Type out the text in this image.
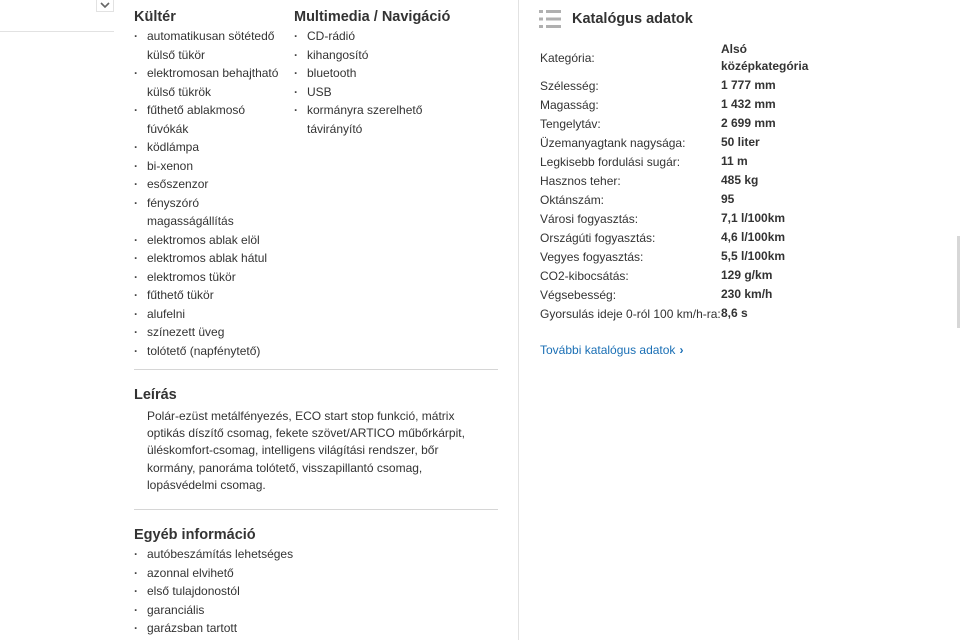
Kültér
· automatikusan sötétedő külső tükör
· elektromosan behajtható külső tükrök
· fűthető ablakmosó fúvókák
· ködlámpa
· bi-xenon
· esőszenzor
· fényszóró magasságállítás
· elektromos ablak elöl
· elektromos ablak hátul
· elektromos tükör
· fűthető tükör
· alufelni
· színezett üveg
· tolótető (napfénytető)
Multimedia / Navigáció
· CD-rádió
· kihangosító
· bluetooth
· USB
· kormányra szerelhető távirányító
Leírás
Polár-ezüst metálfényezés, ECO start stop funkció, mátrix optikás díszítő csomag, fekete szövet/ARTICO műbőrkárpit, üléskomfort-csomag, intelligens világítási rendszer, bőr kormány, panoráma tolótető, visszapillantó csomag, lopásvédelmi csomag.
Egyéb információ
· autóbeszámítás lehetséges
· azonnal elvihető
· első tulajdonostól
· garanciális
· garázsban tartott
Katalógus adatok
Kategória:	Alsó középkategória
Szélesség:	1 777 mm
Magasság:	1 432 mm
Tengelytáv:	2 699 mm
Üzemanyagtank nagysága:	50 liter
Legkisebb fordulási sugár:	11 m
Hasznos teher:	485 kg
Oktánszám:	95
Városi fogyasztás:	7,1 l/100km
Országúti fogyasztás:	4,6 l/100km
Vegyes fogyasztás:	5,5 l/100km
CO2-kibocsátás:	129 g/km
Végsebesség:	230 km/h
Gyorsulás ideje 0-ról 100 km/h-ra:	8,6 s
További katalógus adatok ›
